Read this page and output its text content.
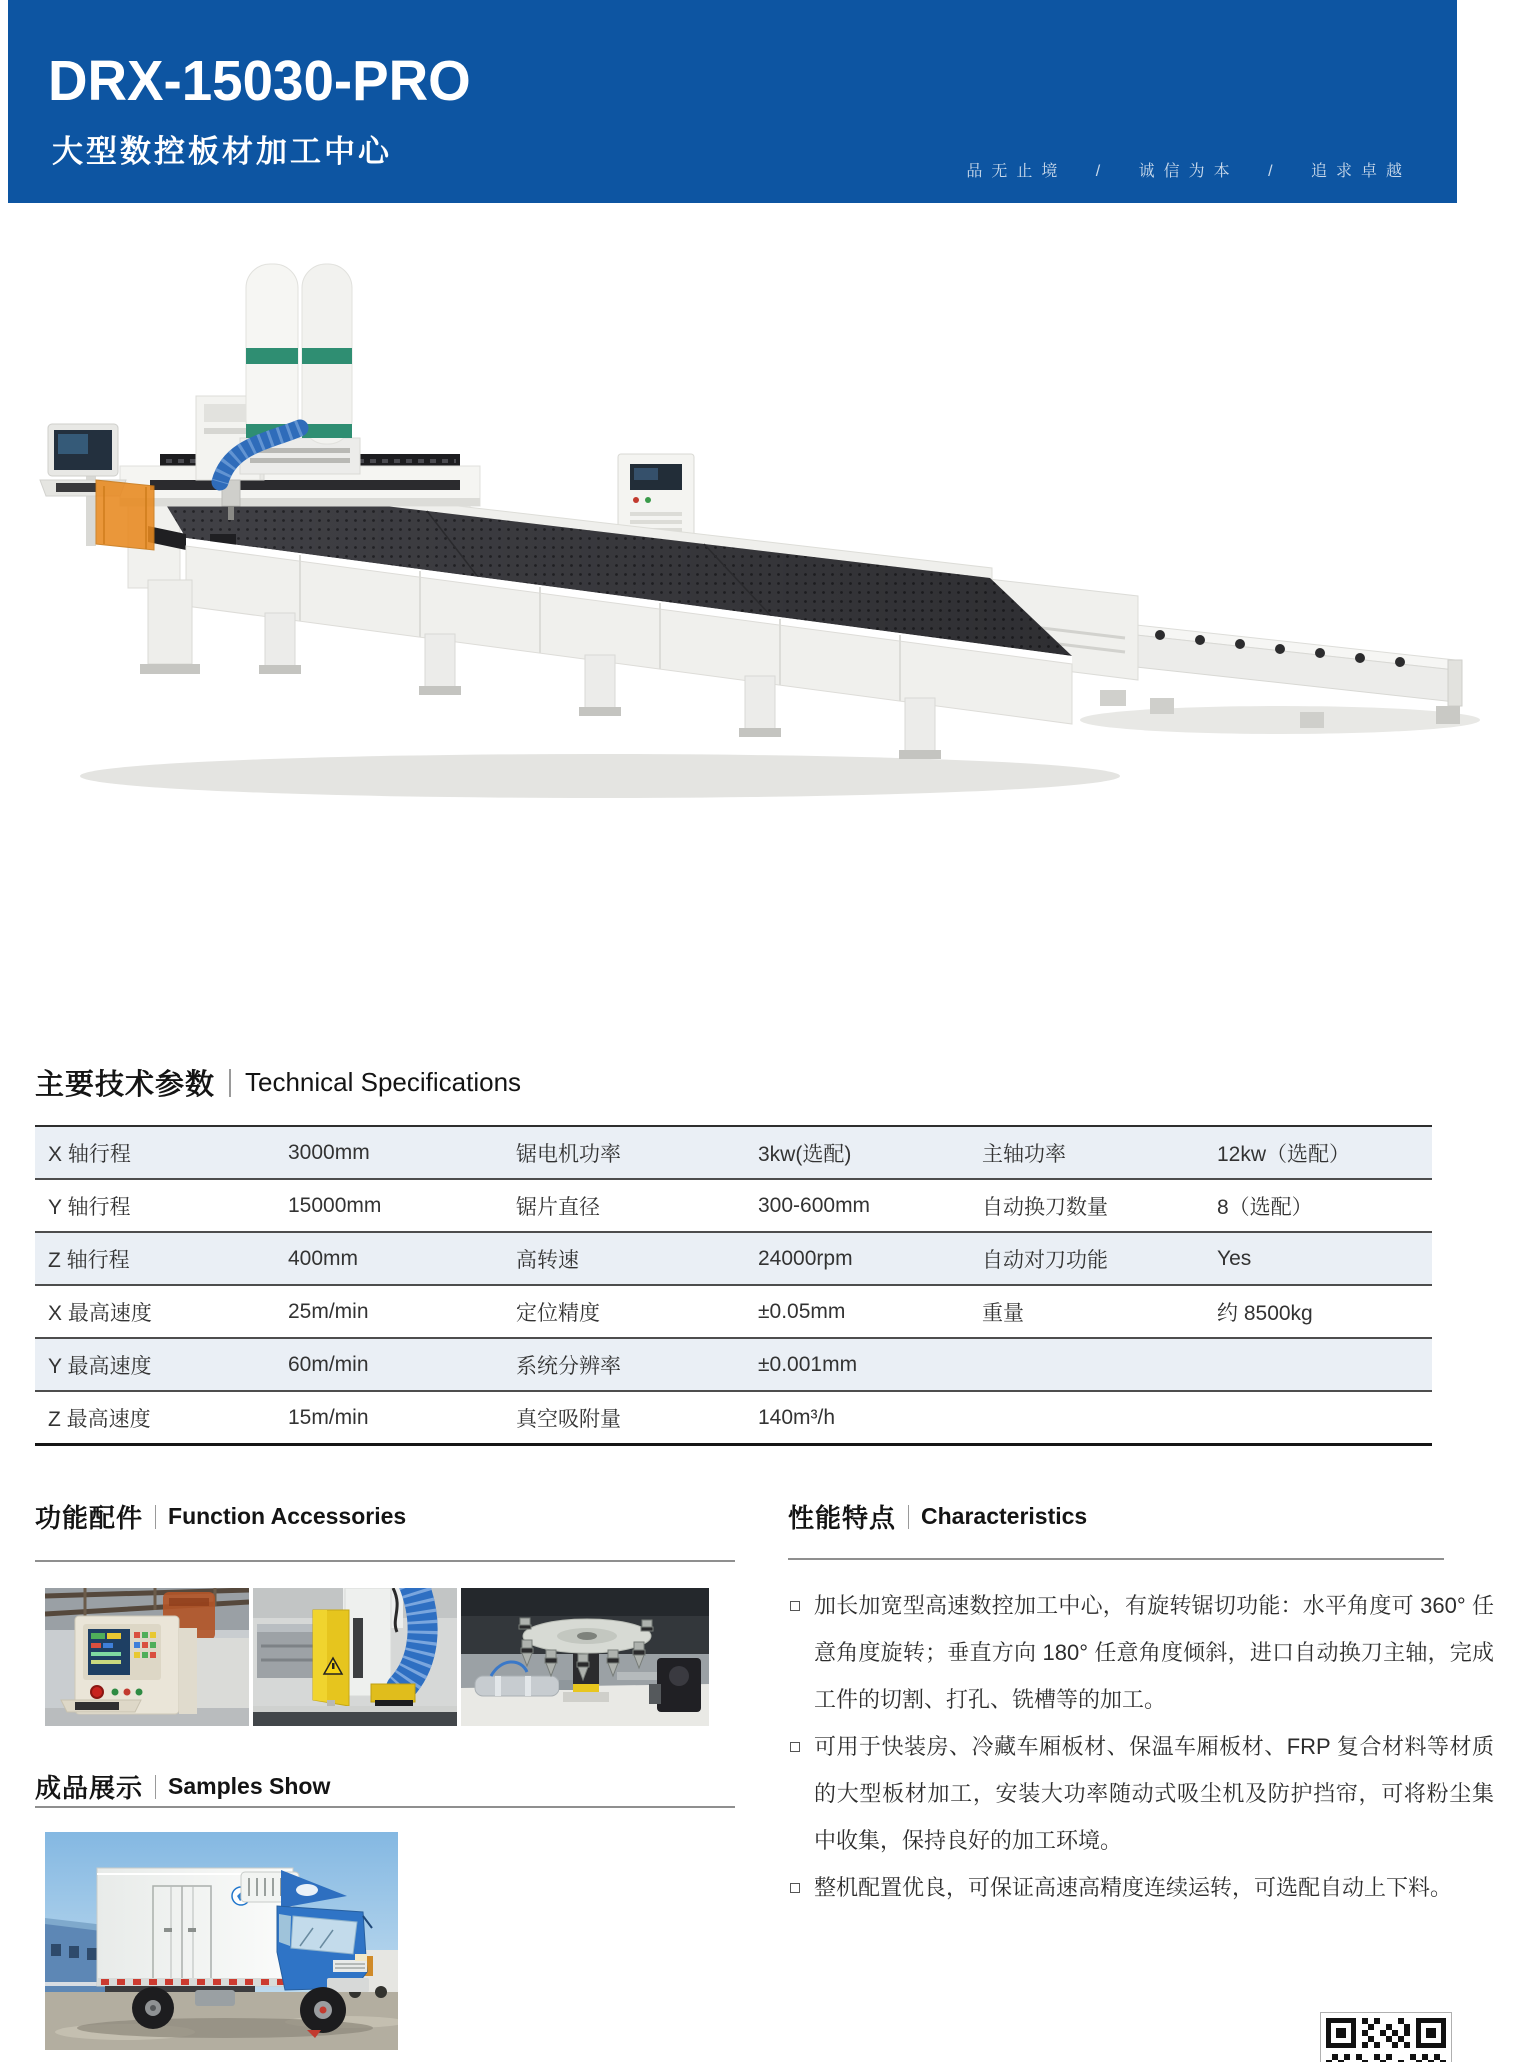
DRX-15030-PRO
大型数控板材加工中心
品无止境 / 诚信为本 / 追求卓越
主要技术参数 Technical Specifications
X 轴行程	3000mm	锯电机功率	3kw(选配)	主轴功率	12kw（选配）
Y 轴行程	15000mm	锯片直径	300-600mm	自动换刀数量	8（选配）
Z 轴行程	400mm	高转速	24000rpm	自动对刀功能	Yes
X 最高速度	25m/min	定位精度	±0.05mm	重量	约 8500kg
Y 最高速度	60m/min	系统分辨率	±0.001mm
Z 最高速度	15m/min	真空吸附量	140m³/h
功能配件 Function Accessories	性能特点 Characteristics
加长加宽型高速数控加工中心，有旋转锯切功能：水平角度可 360° 任意角度旋转；垂直方向 180° 任意角度倾斜，进口自动换刀主轴，完成工件的切割、打孔、铣槽等的加工。
可用于快装房、冷藏车厢板材、保温车厢板材、FRP 复合材料等材质的大型板材加工，安装大功率随动式吸尘机及防护挡帘，可将粉尘集中收集，保持良好的加工环境。
整机配置优良，可保证高速高精度连续运转，可选配自动上下料。
成品展示 Samples Show
